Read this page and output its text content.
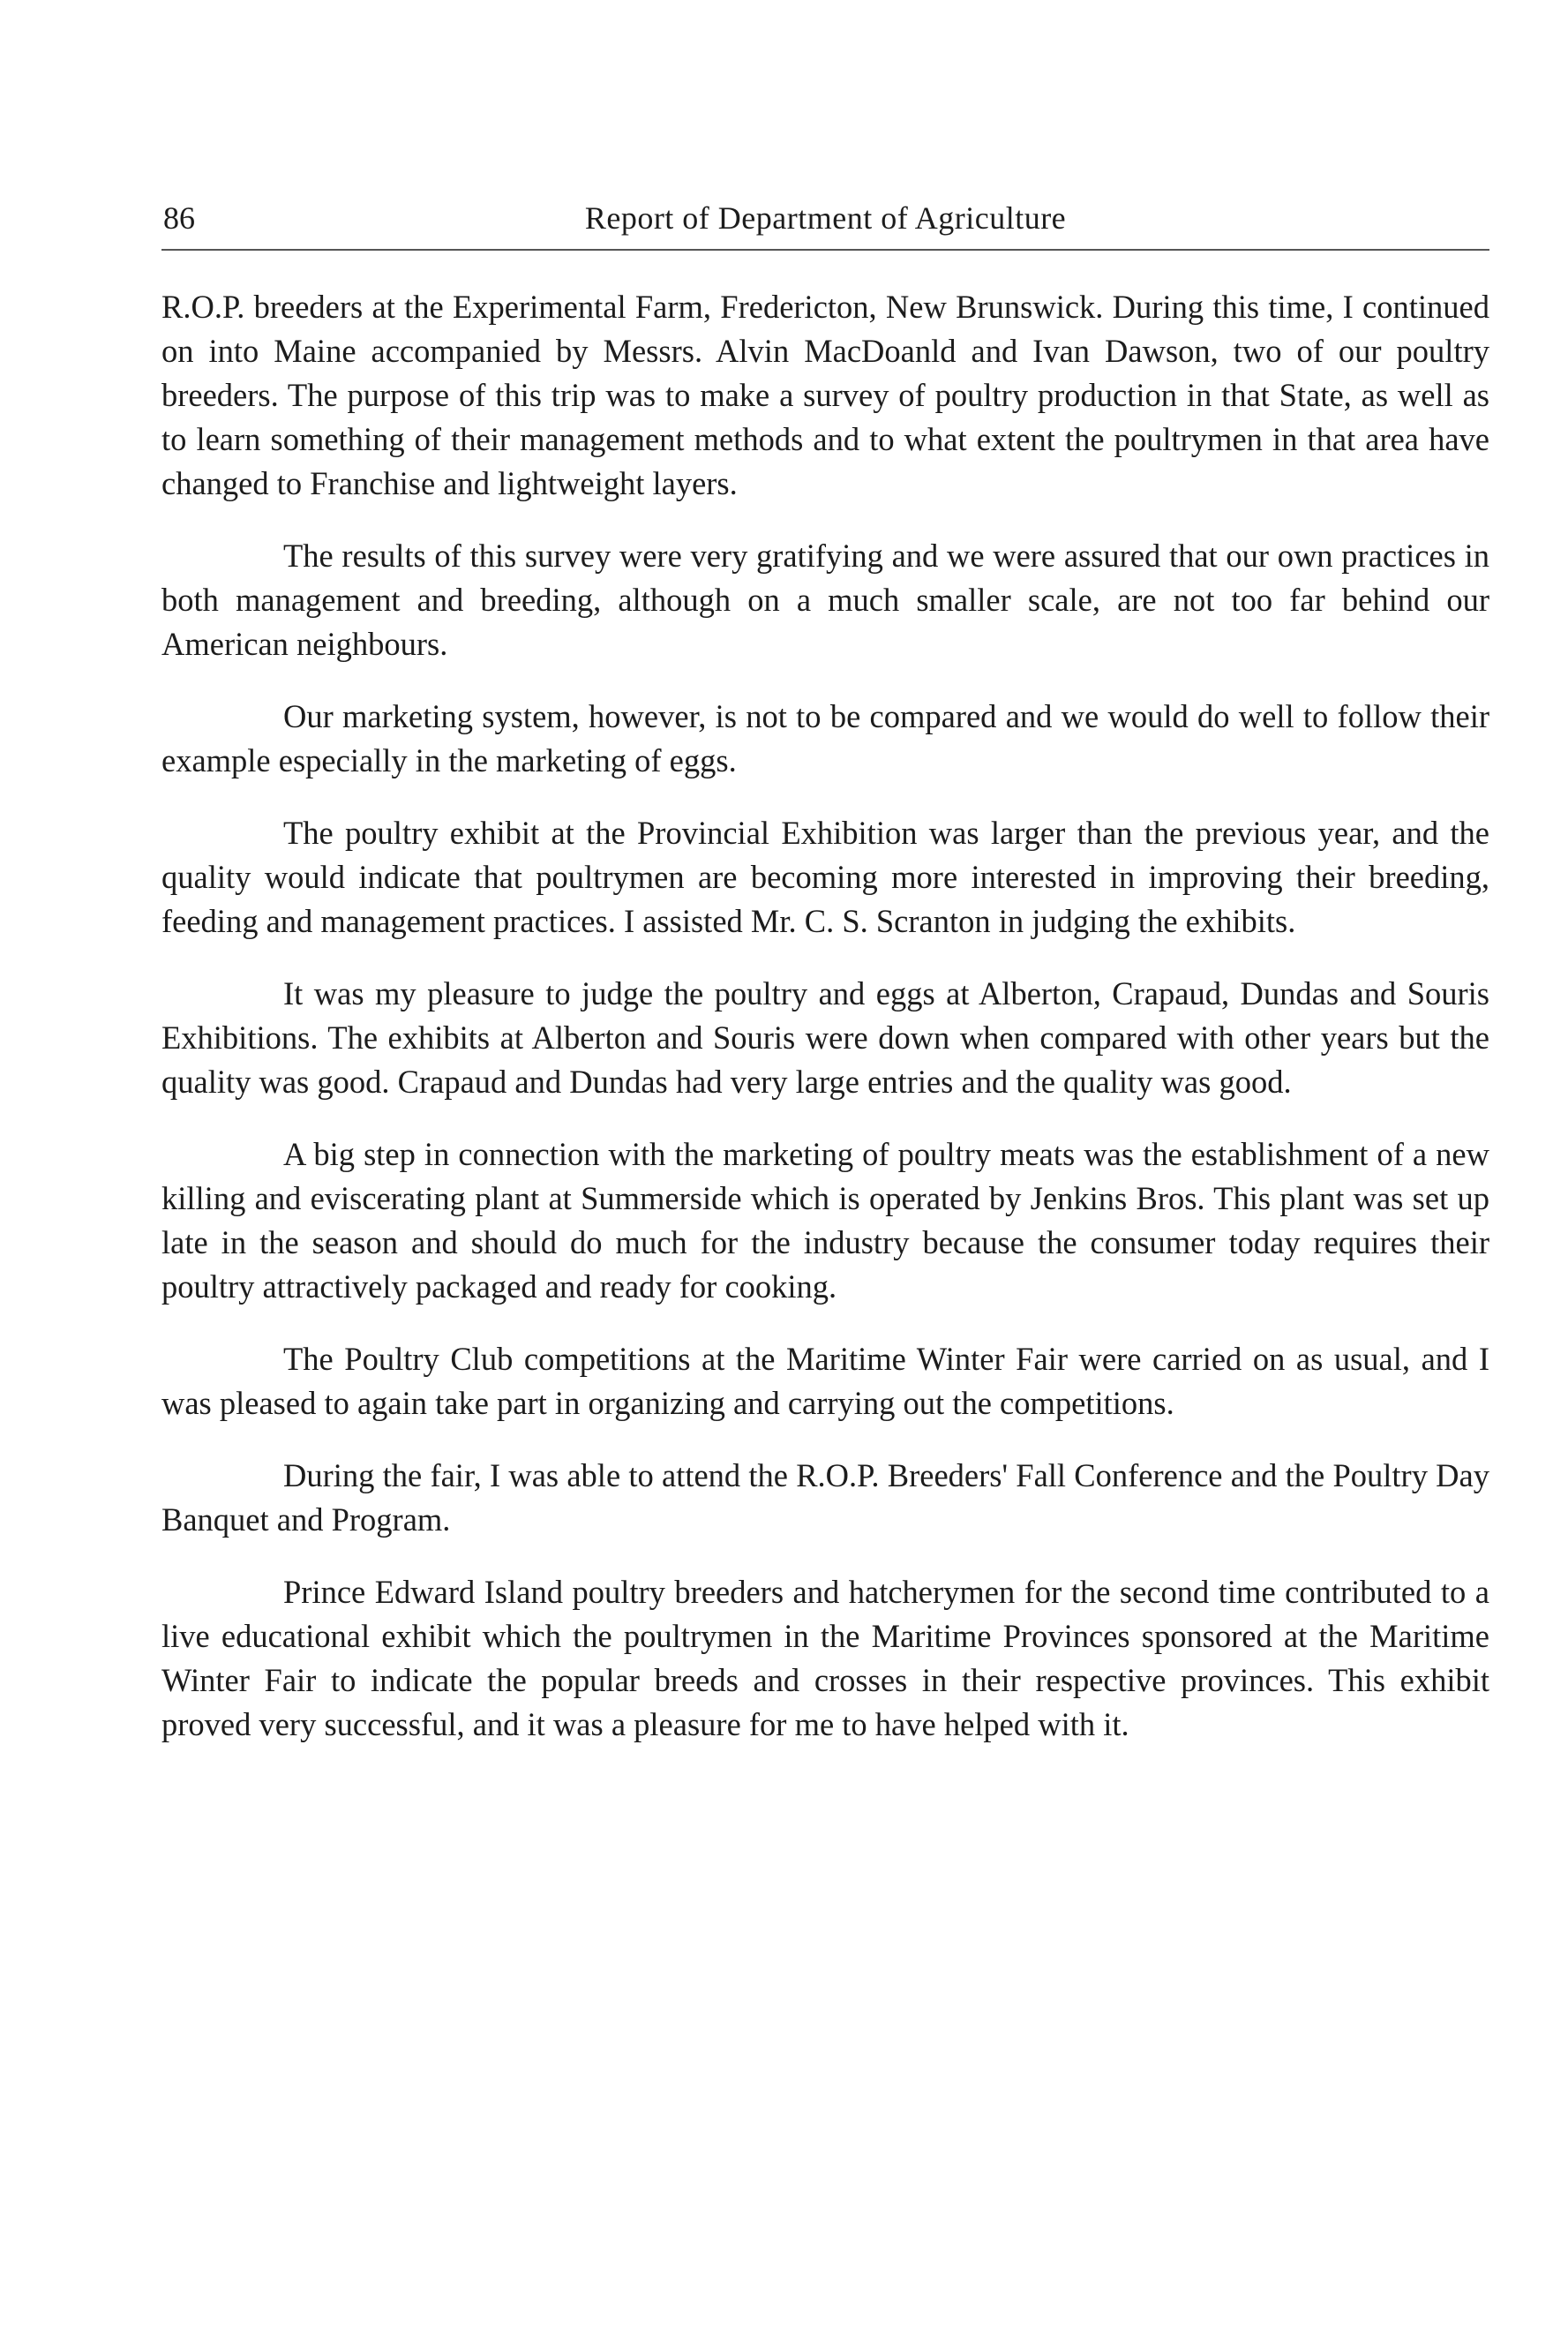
86	Report of Department of Agriculture

R.O.P. breeders at the Experimental Farm, Fredericton, New Brunswick. During this time, I continued on into Maine accompanied by Messrs. Alvin MacDoanld and Ivan Dawson, two of our poultry breeders. The purpose of this trip was to make a survey of poultry production in that State, as well as to learn something of their management methods and to what extent the poultrymen in that area have changed to Franchise and lightweight layers.

The results of this survey were very gratifying and we were assured that our own practices in both management and breeding, although on a much smaller scale, are not too far behind our American neighbours.

Our marketing system, however, is not to be compared and we would do well to follow their example especially in the marketing of eggs.

The poultry exhibit at the Provincial Exhibition was larger than the previous year, and the quality would indicate that poultrymen are becoming more interested in improving their breeding, feeding and management practices. I assisted Mr. C. S. Scranton in judging the exhibits.

It was my pleasure to judge the poultry and eggs at Alberton, Crapaud, Dundas and Souris Exhibitions. The exhibits at Alberton and Souris were down when compared with other years but the quality was good. Crapaud and Dundas had very large entries and the quality was good.

A big step in connection with the marketing of poultry meats was the establishment of a new killing and eviscerating plant at Summerside which is operated by Jenkins Bros. This plant was set up late in the season and should do much for the industry because the consumer today requires their poultry attractively packaged and ready for cooking.

The Poultry Club competitions at the Maritime Winter Fair were carried on as usual, and I was pleased to again take part in organizing and carrying out the competitions.

During the fair, I was able to attend the R.O.P. Breeders' Fall Conference and the Poultry Day Banquet and Program.

Prince Edward Island poultry breeders and hatcherymen for the second time contributed to a live educational exhibit which the poultrymen in the Maritime Provinces sponsored at the Maritime Winter Fair to indicate the popular breeds and crosses in their respective provinces. This exhibit proved very successful, and it was a pleasure for me to have helped with it.
